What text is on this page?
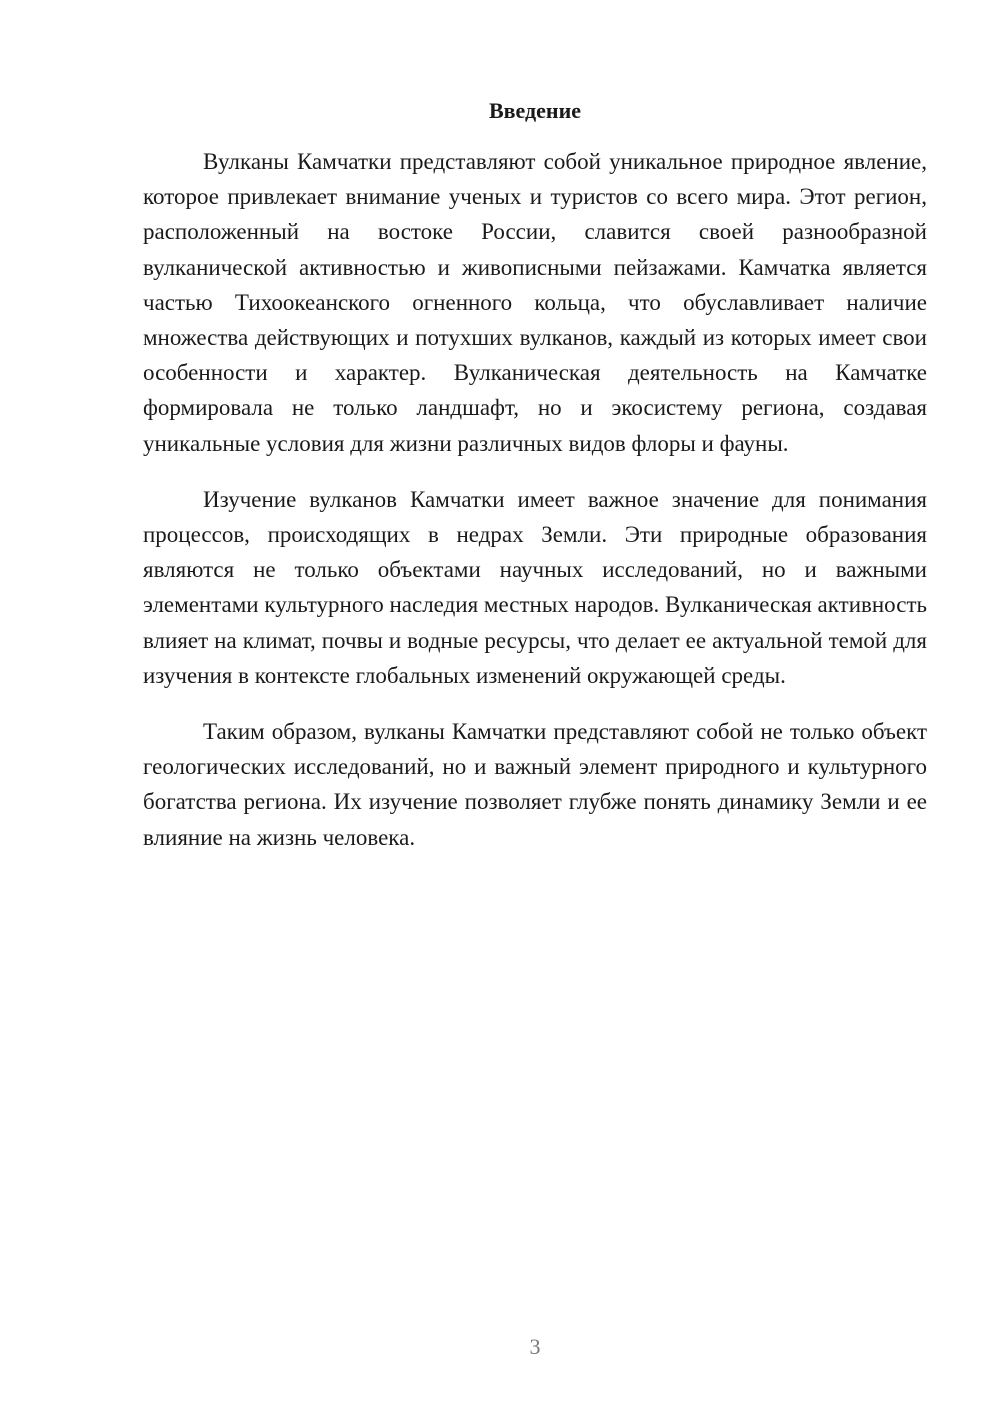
Введение

Вулканы Камчатки представляют собой уникальное природное явление, которое привлекает внимание ученых и туристов со всего мира. Этот регион, расположенный на востоке России, славится своей разнообразной вулканической активностью и живописными пейзажами. Камчатка является частью Тихоокеанского огненного кольца, что обуславливает наличие множества действующих и потухших вулканов, каждый из которых имеет свои особенности и характер. Вулканическая деятельность на Камчатке формировала не только ландшафт, но и экосистему региона, создавая уникальные условия для жизни различных видов флоры и фауны.

Изучение вулканов Камчатки имеет важное значение для понимания процессов, происходящих в недрах Земли. Эти природные образования являются не только объектами научных исследований, но и важными элементами культурного наследия местных народов. Вулканическая активность влияет на климат, почвы и водные ресурсы, что делает ее актуальной темой для изучения в контексте глобальных изменений окружающей среды.

Таким образом, вулканы Камчатки представляют собой не только объект геологических исследований, но и важный элемент природного и культурного богатства региона. Их изучение позволяет глубже понять динамику Земли и ее влияние на жизнь человека.

3
